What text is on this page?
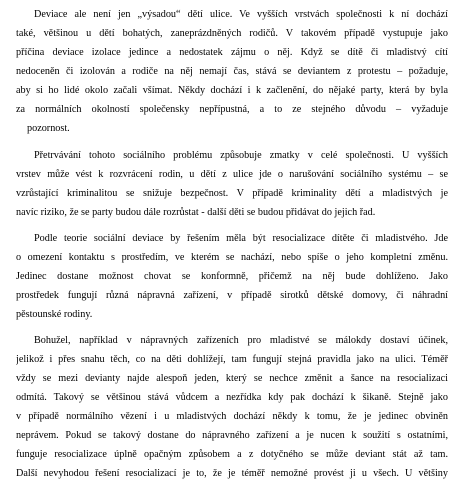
Deviace ale není jen „výsadou“ dětí ulice. Ve vyšších vrstvách společnosti k ní dochází
také, většinou u dětí bohatých, zaneprázdněných rodičů. V takovém případě vystupuje jako
příčina deviace izolace jedince a nedostatek zájmu o něj. Když se dítě či mladistvý cítí
nedoceněn či izolován a rodiče na něj nemají čas, stává se deviantem z protestu – požaduje,
aby si ho lidé okolo začali všímat. Někdy dochází i k začlenění, do nějaké party, která by byla
za normálních okolností společensky nepřípustná, a to ze stejného důvodu – vyžaduje
pozornost.
Přetrvávání tohoto sociálního problému způsobuje zmatky v celé společnosti. U vyšších
vrstev může vést k rozvrácení rodin, u dětí z ulice jde o narušování sociálního systému – se
vzrůstající kriminalitou se snižuje bezpečnost. V případě kriminality dětí a mladistvých je
navíc riziko, že se party budou dále rozrůstat - další děti se budou přidávat do jejich řad.
Podle teorie sociální deviace by řešením měla být resocializace dítěte či mladistvého. Jde
o omezení kontaktu s prostředím, ve kterém se nachází, nebo spíše o jeho kompletní změnu.
Jedinec dostane možnost chovat se konformně, přičemž na něj bude dohlíženo. Jako
prostředek fungují různá nápravná zařízení, v případě sirotků dětské domovy, či náhradní
pěstounské rodiny.
Bohužel, například v nápravných zařízeních pro mladistvé se málokdy dostaví účinek,
jelikož i přes snahu těch, co na děti dohlížejí, tam fungují stejná pravidla jako na ulici. Téměř
vždy se mezi devianty najde alespoň jeden, který se nechce změnit a šance na resocializaci
odmítá. Takový se většinou stává vůdcem a nezřídka kdy pak dochází k šikaně. Stejně jako
v případě normálního vězení i u mladistvých dochází někdy k tomu, že je jedinec obviněn
neprávem. Pokud se takový dostane do nápravného zařízení a je nucen k soužití s ostatními,
funguje resocializace úplně opačným způsobem a z dotyčného se může deviant stát až tam.
Další nevyhodou řešení resocializací je to, že je téměř nemožné provést ji u všech. U většiny
